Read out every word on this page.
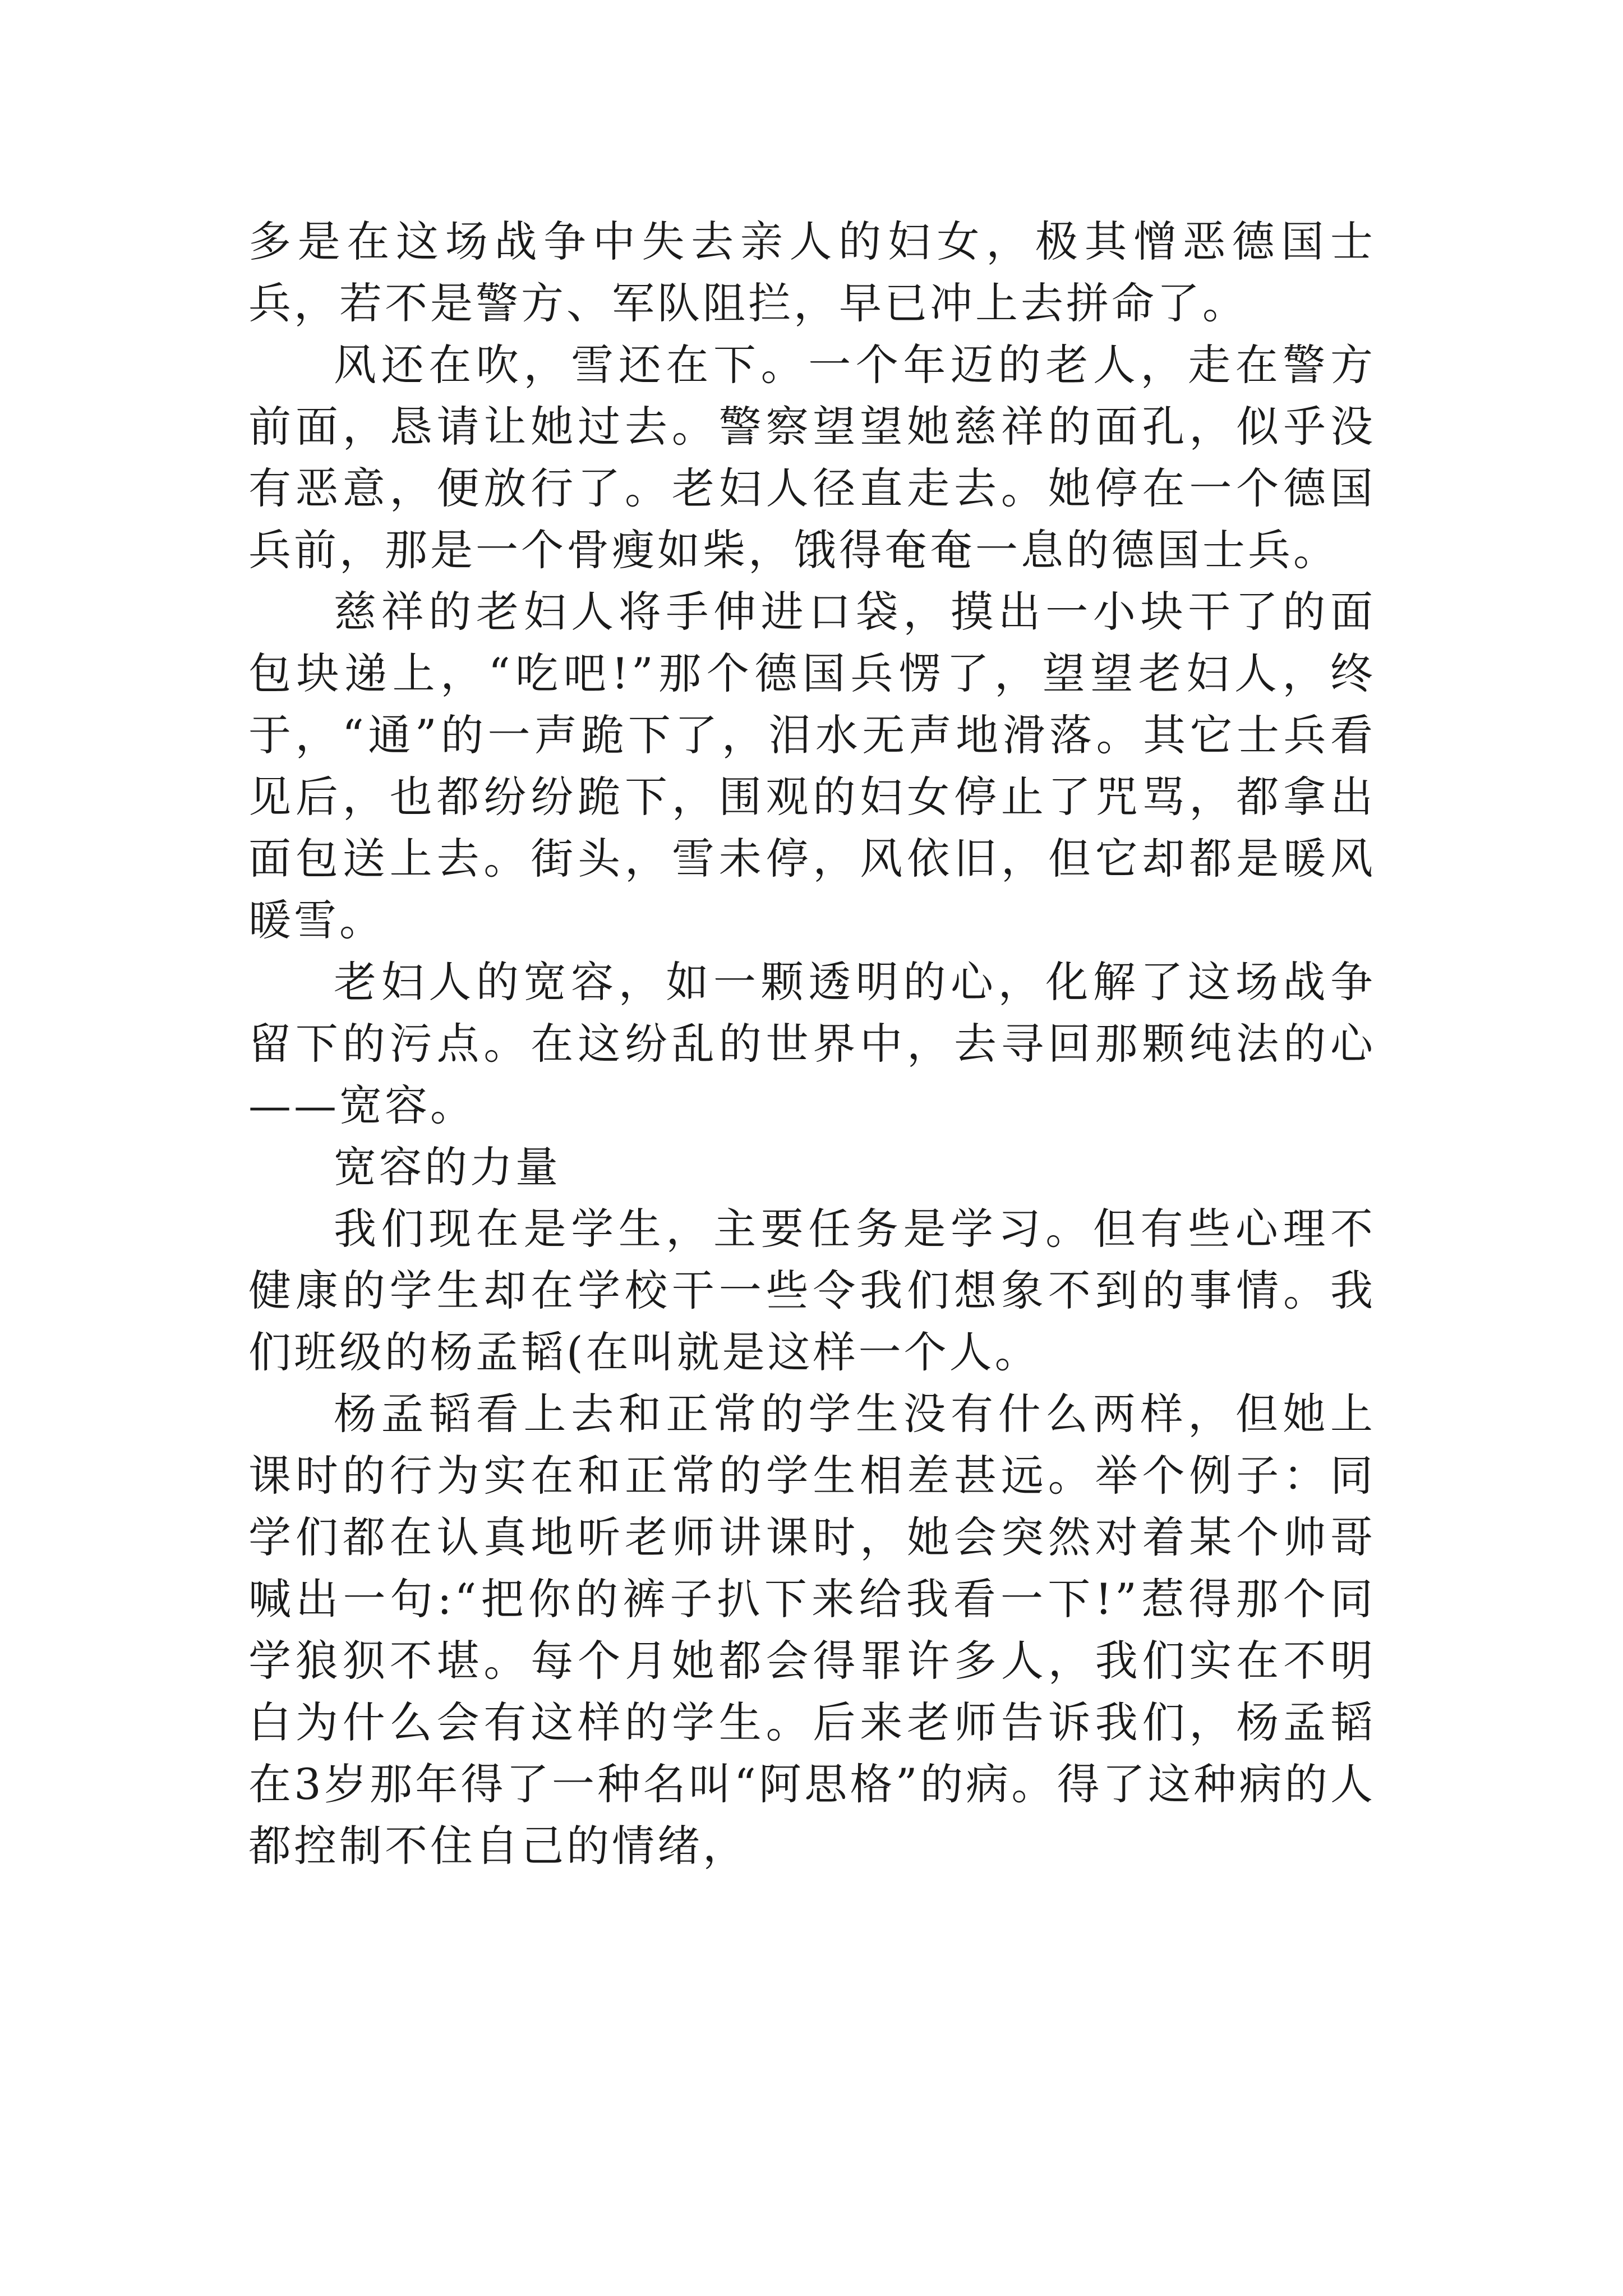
多是在这场战争中失去亲人的妇女，极其憎恶德国士兵，若不是警方、军队阻拦，早已冲上去拼命了。

风还在吹，雪还在下。一个年迈的老人，走在警方前面，恳请让她过去。警察望望她慈祥的面孔，似乎没有恶意，便放行了。老妇人径直走去。她停在一个德国兵前，那是一个骨瘦如柴，饿得奄奄一息的德国士兵。

慈祥的老妇人将手伸进口袋，摸出一小块干了的面包块递上，“吃吧!”那个德国兵愣了，望望老妇人，终于，“通”的一声跪下了，泪水无声地滑落。其它士兵看见后，也都纷纷跪下，围观的妇女停止了咒骂，都拿出面包送上去。街头，雪未停，风依旧，但它却都是暖风暖雪。

老妇人的宽容，如一颗透明的心，化解了这场战争留下的污点。在这纷乱的世界中，去寻回那颗纯法的心——宽容。

宽容的力量

我们现在是学生，主要任务是学习。但有些心理不健康的学生却在学校干一些令我们想象不到的事情。我们班级的杨孟韬(在叫就是这样一个人。

杨孟韬看上去和正常的学生没有什么两样，但她上课时的行为实在和正常的学生相差甚远。举个例子：同学们都在认真地听老师讲课时，她会突然对着某个帅哥喊出一句:“把你的裤子扒下来给我看一下!”惹得那个同学狼狈不堪。每个月她都会得罪许多人，我们实在不明白为什么会有这样的学生。后来老师告诉我们，杨孟韬在3岁那年得了一种名叫“阿思格”的病。得了这种病的人都控制不住自己的情绪，
